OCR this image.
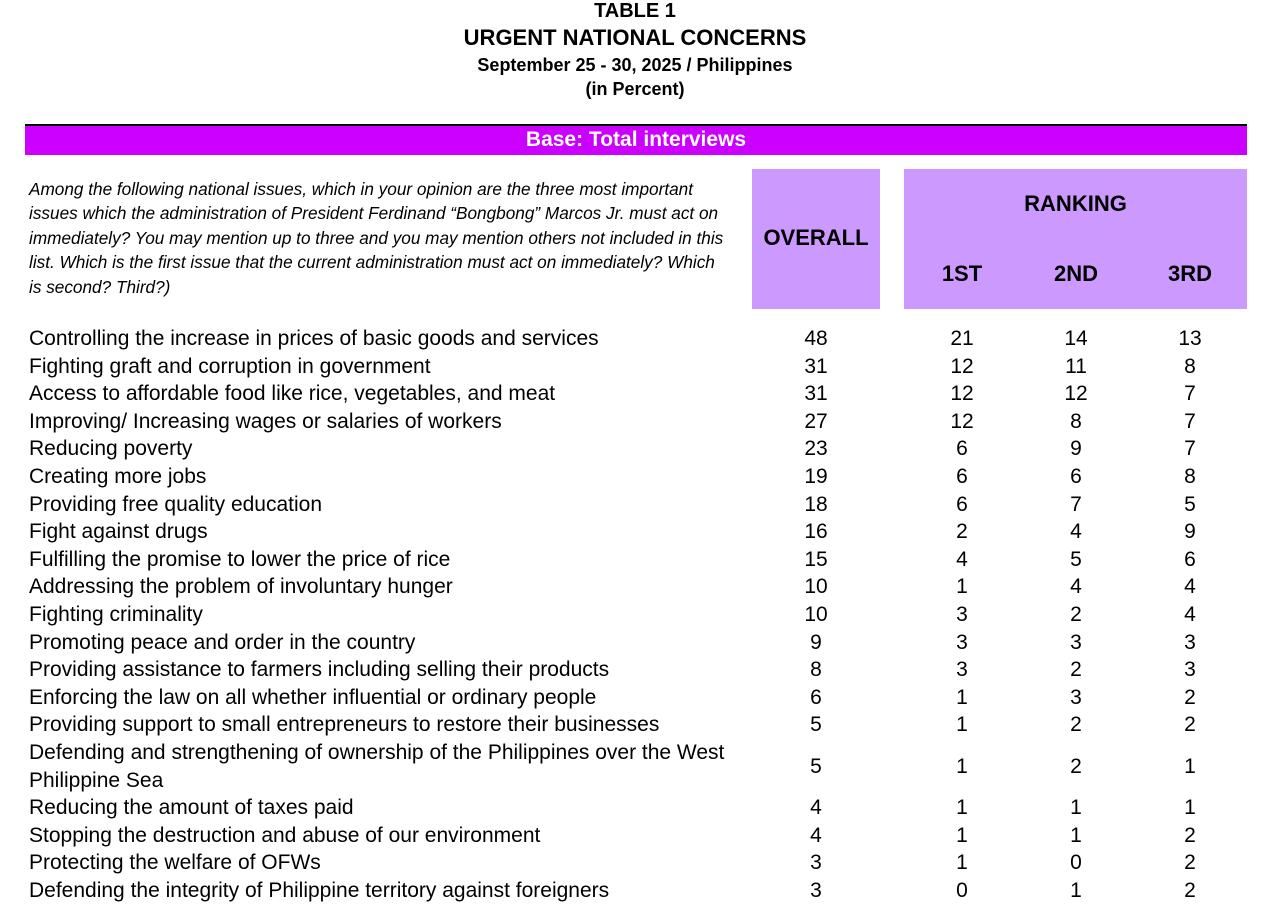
TABLE 1
URGENT NATIONAL CONCERNS
September 25 - 30, 2025 / Philippines
(in Percent)
Base: Total interviews
Among the following national issues, which in your opinion are the three most important issues which the administration of President Ferdinand “Bongbong” Marcos Jr. must act on immediately? You may mention up to three and you may mention others not included in this list. Which is the first issue that the current administration must act on immediately? Which is second? Third?)
OVERALL
RANKING
1ST	2ND	3RD
Controlling the increase in prices of basic goods and services	48	21	14	13
Fighting graft and corruption in government	31	12	11	8
Access to affordable food like rice, vegetables, and meat	31	12	12	7
Improving/ Increasing wages or salaries of workers	27	12	8	7
Reducing poverty	23	6	9	7
Creating more jobs	19	6	6	8
Providing free quality education	18	6	7	5
Fight against drugs	16	2	4	9
Fulfilling the promise to lower the price of rice	15	4	5	6
Addressing the problem of involuntary hunger	10	1	4	4
Fighting criminality	10	3	2	4
Promoting peace and order in the country	9	3	3	3
Providing assistance to farmers including selling their products	8	3	2	3
Enforcing the law on all whether influential or ordinary people	6	1	3	2
Providing support to small entrepreneurs to restore their businesses	5	1	2	2
Defending and strengthening of ownership of the Philippines over the West Philippine Sea
5	1	2	1
Reducing the amount of taxes paid	4	1	1	1
Stopping the destruction and abuse of our environment	4	1	1	2
Protecting the welfare of OFWs	3	1	0	2
Defending the integrity of Philippine territory against foreigners	3	0	1	2
